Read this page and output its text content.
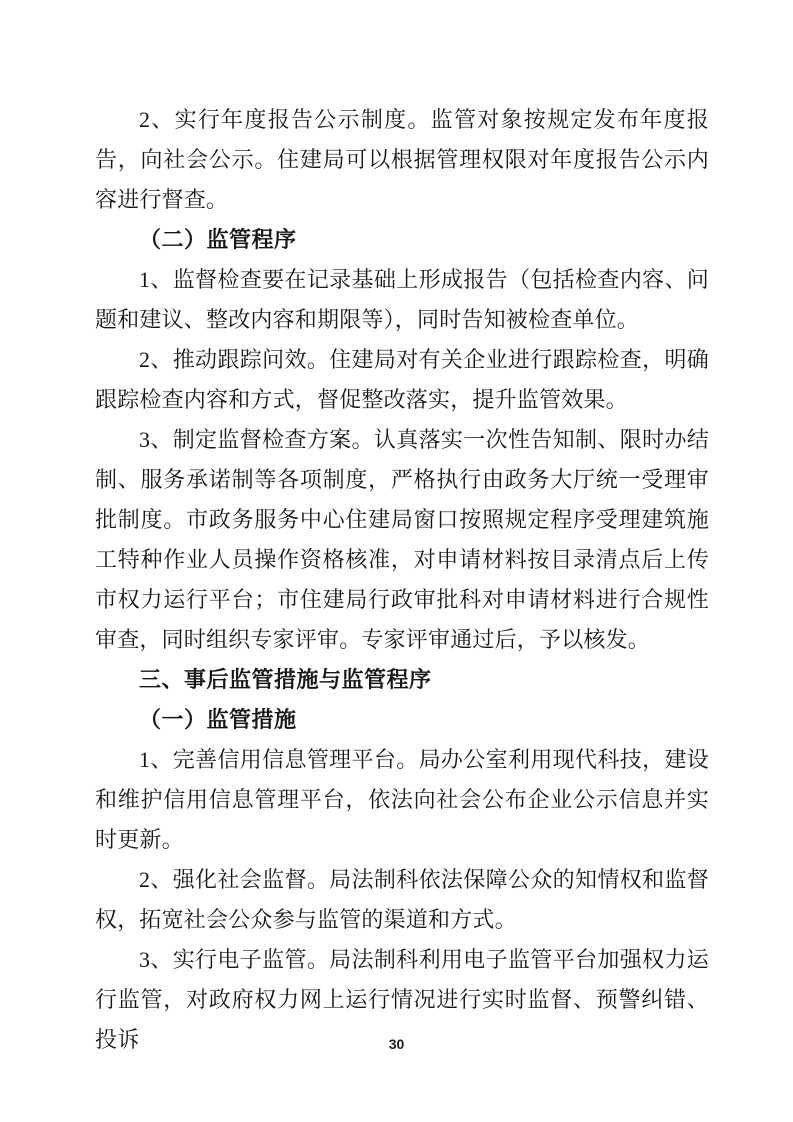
2、实行年度报告公示制度。监管对象按规定发布年度报告，向社会公示。住建局可以根据管理权限对年度报告公示内容进行督查。

（二）监管程序

1、监督检查要在记录基础上形成报告（包括检查内容、问题和建议、整改内容和期限等），同时告知被检查单位。

2、推动跟踪问效。住建局对有关企业进行跟踪检查，明确跟踪检查内容和方式，督促整改落实，提升监管效果。

3、制定监督检查方案。认真落实一次性告知制、限时办结制、服务承诺制等各项制度，严格执行由政务大厅统一受理审批制度。市政务服务中心住建局窗口按照规定程序受理建筑施工特种作业人员操作资格核准，对申请材料按目录清点后上传市权力运行平台；市住建局行政审批科对申请材料进行合规性审查，同时组织专家评审。专家评审通过后，予以核发。

三、事后监管措施与监管程序

（一）监管措施

1、完善信用信息管理平台。局办公室利用现代科技，建设和维护信用信息管理平台，依法向社会公布企业公示信息并实时更新。

2、强化社会监督。局法制科依法保障公众的知情权和监督权，拓宽社会公众参与监管的渠道和方式。

3、实行电子监管。局法制科利用电子监管平台加强权力运行监管，对政府权力网上运行情况进行实时监督、预警纠错、投诉	30
